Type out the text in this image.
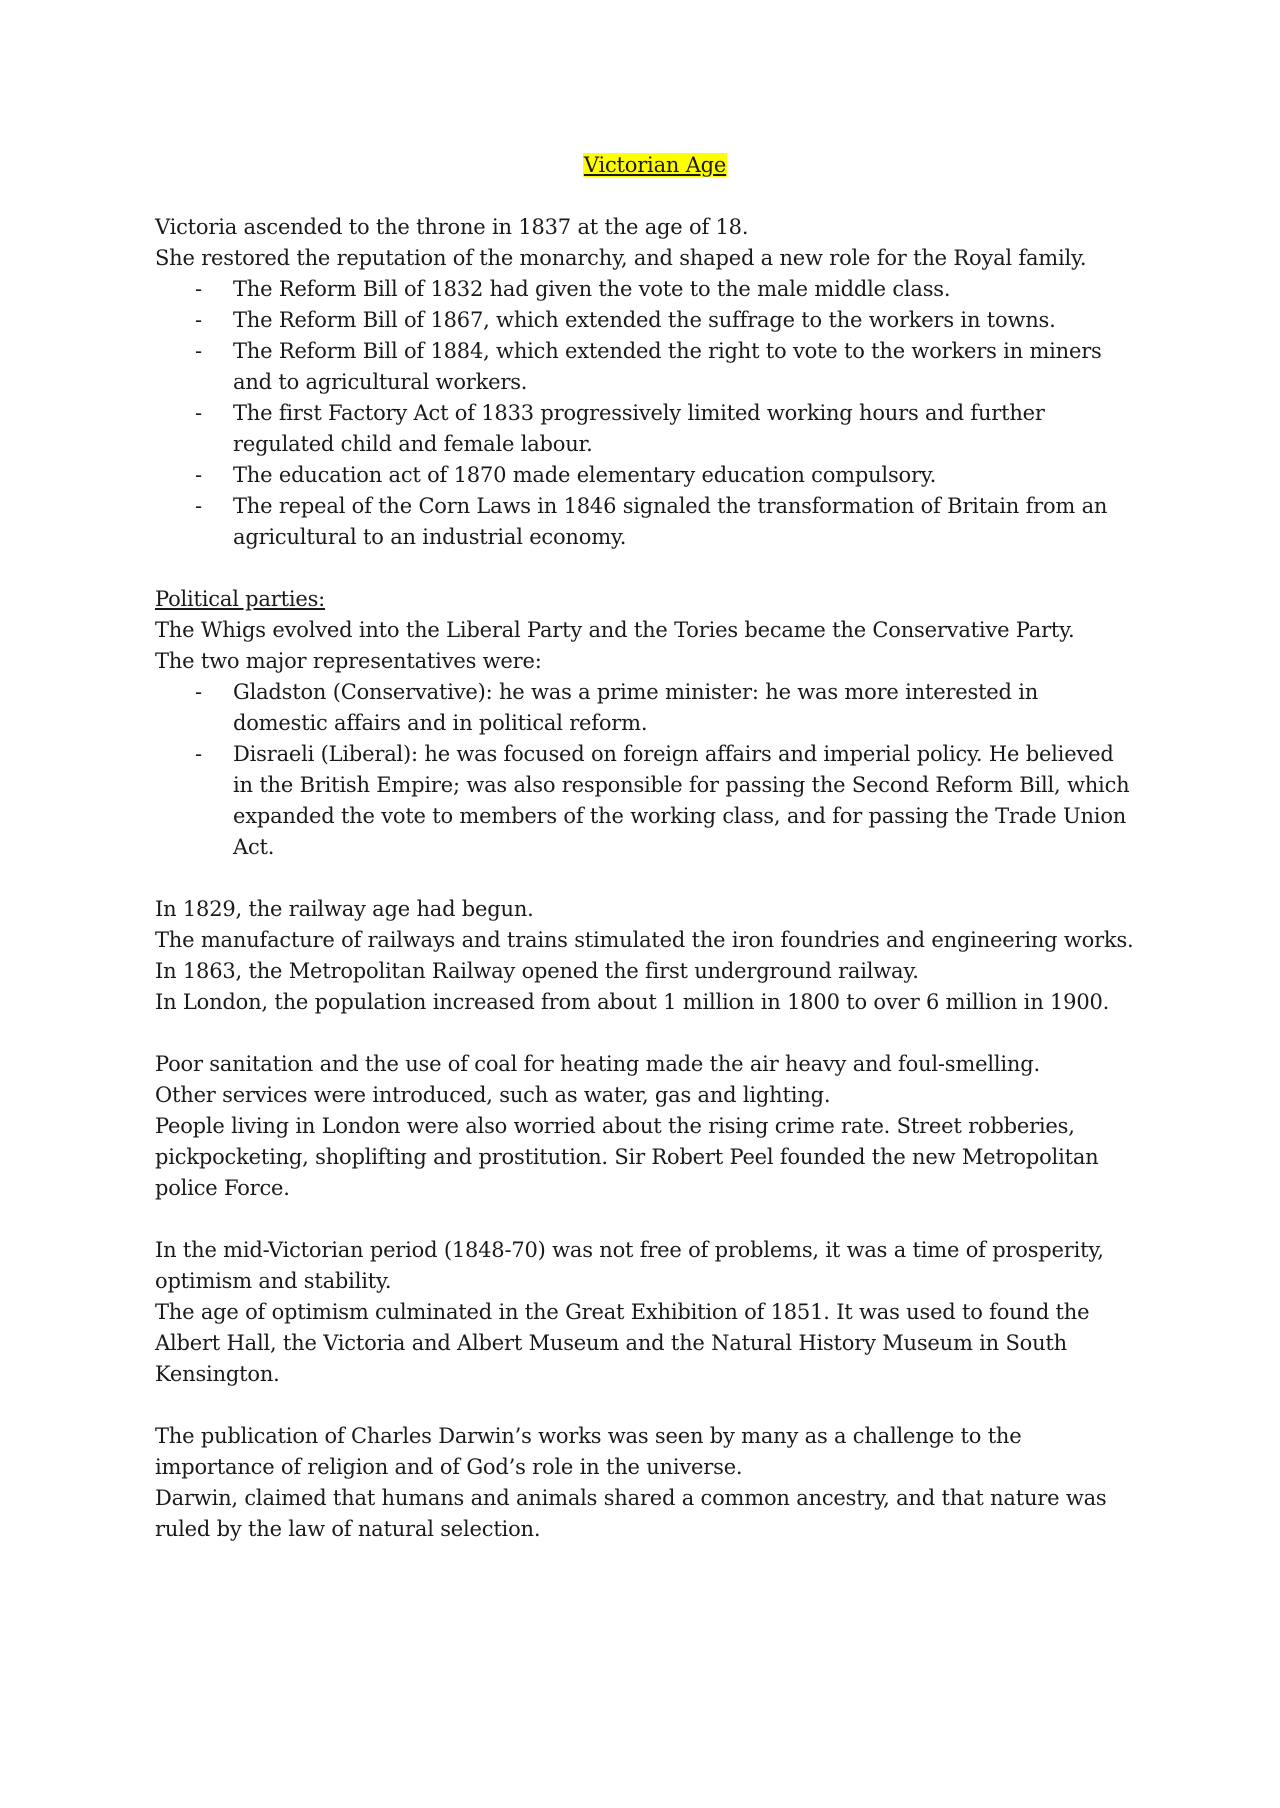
Victorian Age

Victoria ascended to the throne in 1837 at the age of 18.

She restored the reputation of the monarchy, and shaped a new role for the Royal family.

- The Reform Bill of 1832 had given the vote to the male middle class.
- The Reform Bill of 1867, which extended the suffrage to the workers in towns.
- The Reform Bill of 1884, which extended the right to vote to the workers in miners
and to agricultural workers.
- The first Factory Act of 1833 progressively limited working hours and further
regulated child and female labour.
- The education act of 1870 made elementary education compulsory.
- The repeal of the Corn Laws in 1846 signaled the transformation of Britain from an
agricultural to an industrial economy.

Political parties:

The Whigs evolved into the Liberal Party and the Tories became the Conservative Party.

The two major representatives were:

- Gladston (Conservative): he was a prime minister: he was more interested in
domestic affairs and in political reform.
- Disraeli (Liberal): he was focused on foreign affairs and imperial policy. He believed
in the British Empire; was also responsible for passing the Second Reform Bill, which
expanded the vote to members of the working class, and for passing the Trade Union
Act.

In 1829, the railway age had begun.

The manufacture of railways and trains stimulated the iron foundries and engineering works.

In 1863, the Metropolitan Railway opened the first underground railway.

In London, the population increased from about 1 million in 1800 to over 6 million in 1900.

Poor sanitation and the use of coal for heating made the air heavy and foul-smelling.

Other services were introduced, such as water, gas and lighting.

People living in London were also worried about the rising crime rate. Street robberies,

pickpocketing, shoplifting and prostitution. Sir Robert Peel founded the new Metropolitan

police Force.

In the mid-Victorian period (1848-70) was not free of problems, it was a time of prosperity,

optimism and stability.

The age of optimism culminated in the Great Exhibition of 1851. It was used to found the

Albert Hall, the Victoria and Albert Museum and the Natural History Museum in South

Kensington.

The publication of Charles Darwin’s works was seen by many as a challenge to the

importance of religion and of God’s role in the universe.

Darwin, claimed that humans and animals shared a common ancestry, and that nature was

ruled by the law of natural selection.
